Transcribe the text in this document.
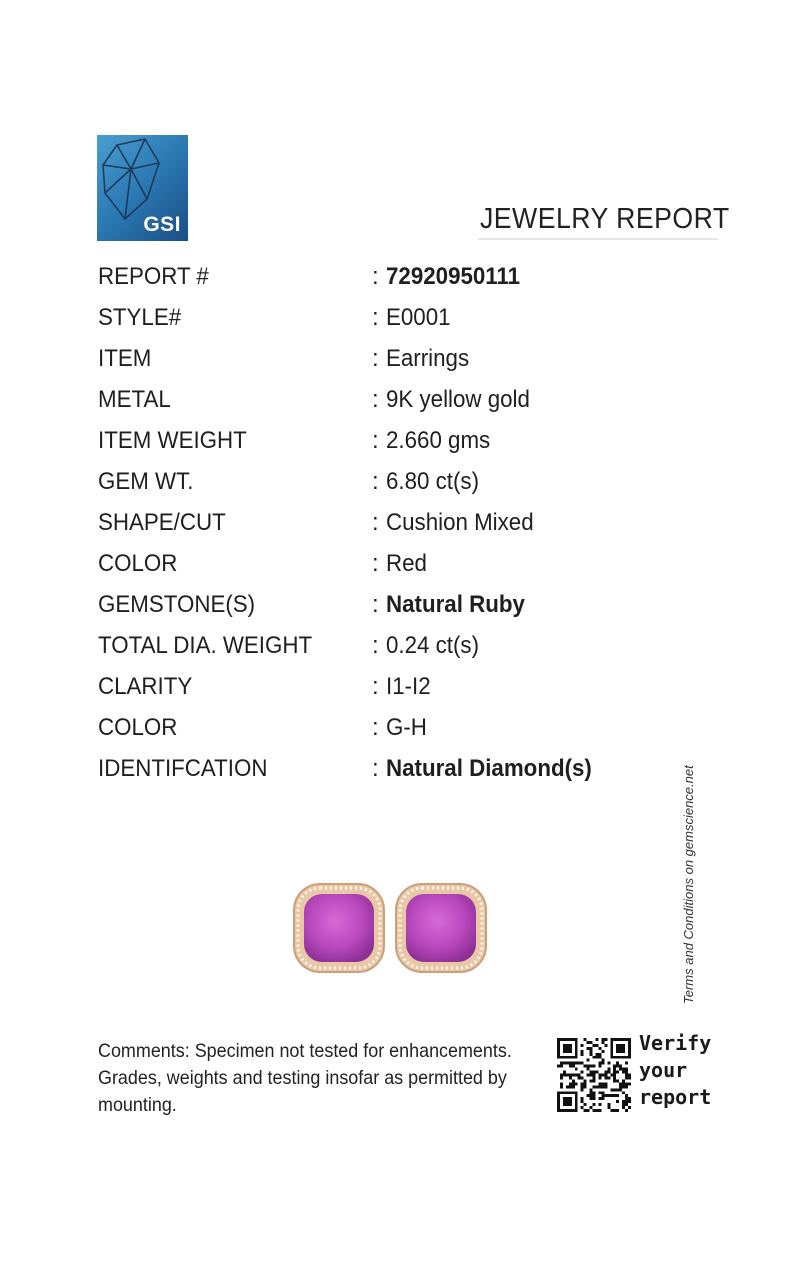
GSI	JEWELRY REPORT
REPORT #	: 72920950111
STYLE#	: E0001
ITEM	: Earrings
METAL	: 9K yellow gold
ITEM WEIGHT	: 2.660 gms
GEM WT.	: 6.80 ct(s)
SHAPE/CUT	: Cushion Mixed
COLOR	: Red
GEMSTONE(S)	: Natural Ruby
TOTAL DIA. WEIGHT : 0.24 ct(s)
CLARITY	: I1-I2
COLOR	: G-H
IDENTIFCATION	: Natural Diamond(s)	Terms and Conditions on gemscience.net
Comments: Specimen not tested for enhancements. Grades, weights and testing insofar as permitted by mounting.
Verify
your
report
